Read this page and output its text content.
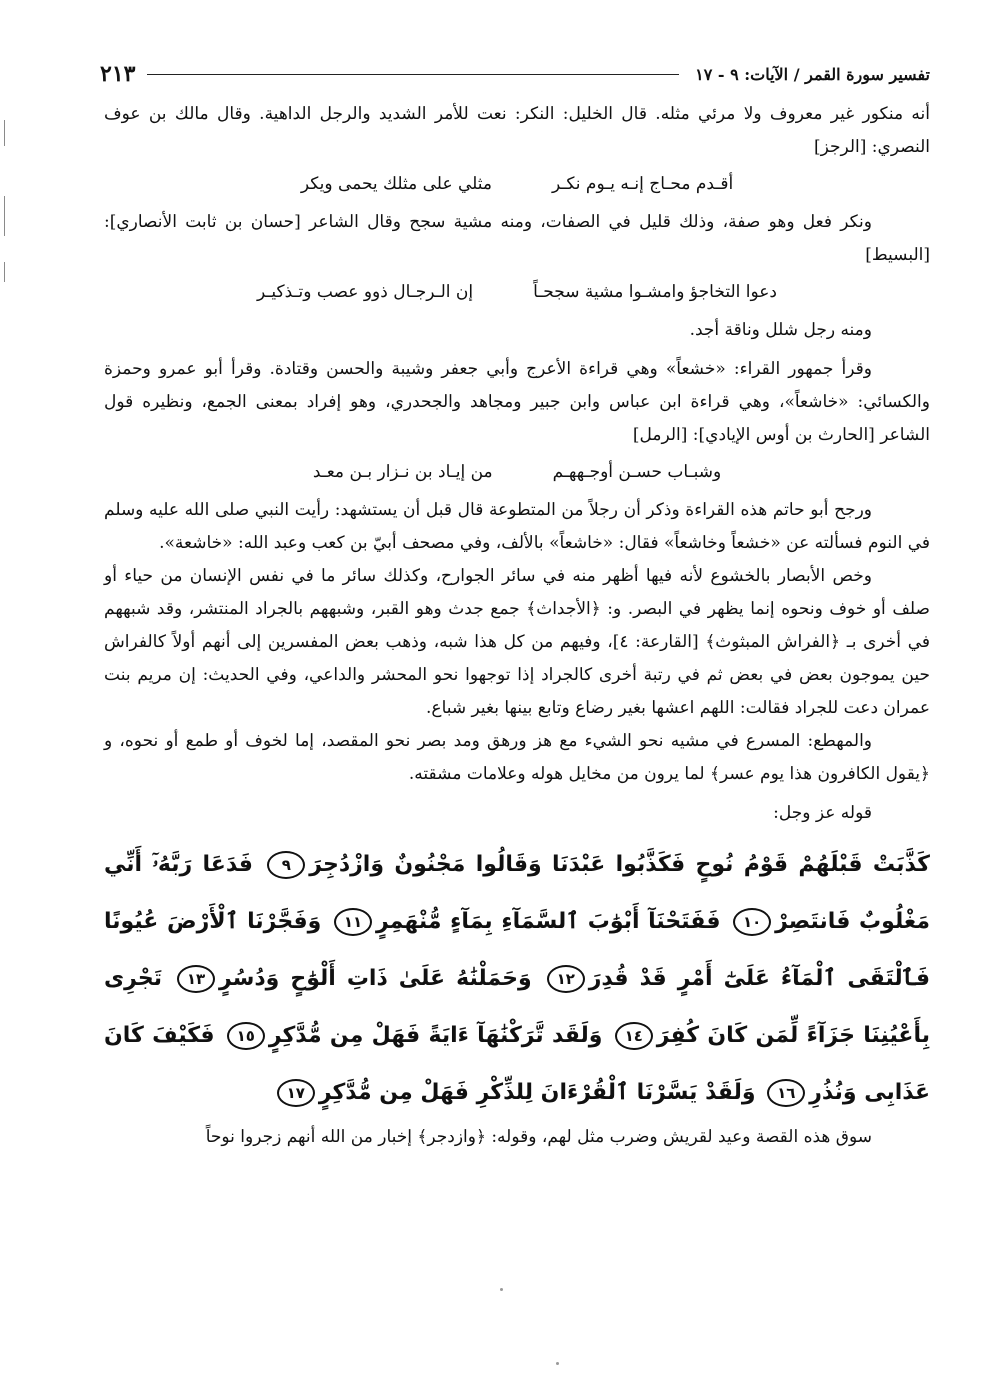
تفسير سورة القمر / الآيات: ٩ - ١٧
٢١٣

أنه منكور غير معروف ولا مرئي مثله. قال الخليل: النكر: نعت للأمر الشديد والرجل الداهية. وقال مالك بن عوف النصري: [الرجز]

أقـدم محـاج إنـه يـوم نكـر
مثلي على مثلك يحمى ويكر

ونكر فعل وهو صفة، وذلك قليل في الصفات، ومنه مشية سجح وقال الشاعر [حسان بن ثابت الأنصاري]: [البسيط]

دعوا التخاجؤ وامشـوا مشية سجحـاً
إن الـرجـال ذوو عصب وتـذكيـر

ومنه رجل شلل وناقة أجد.

وقرأ جمهور القراء: «خشعاً» وهي قراءة الأعرج وأبي جعفر وشيبة والحسن وقتادة. وقرأ أبو عمرو وحمزة والكسائي: «خاشعاً»، وهي قراءة ابن عباس وابن جبير ومجاهد والجحدري، وهو إفراد بمعنى الجمع، ونظيره قول الشاعر [الحارث بن أوس الإيادي]: [الرمل]

وشبـاب حسـن أوجـههـم
من إيـاد بن نـزار بـن معـد

ورجح أبو حاتم هذه القراءة وذكر أن رجلاً من المتطوعة قال قبل أن يستشهد: رأيت النبي صلى الله عليه وسلم في النوم فسألته عن «خشعاً وخاشعاً» فقال: «خاشعاً» بالألف، وفي مصحف أبيّ بن كعب وعبد الله: «خاشعة».

وخص الأبصار بالخشوع لأنه فيها أظهر منه في سائر الجوارح، وكذلك سائر ما في نفس الإنسان من حياء أو صلف أو خوف ونحوه إنما يظهر في البصر. و: ﴿الأجداث﴾ جمع جدث وهو القبر، وشبههم بالجراد المنتشر، وقد شبههم في أخرى بـ ﴿الفراش المبثوث﴾ [القارعة: ٤]، وفيهم من كل هذا شبه، وذهب بعض المفسرين إلى أنهم أولاً كالفراش حين يموجون بعض في بعض ثم في رتبة أخرى كالجراد إذا توجهوا نحو المحشر والداعي، وفي الحديث: إن مريم بنت عمران دعت للجراد فقالت: اللهم اعشها بغير رضاع وتابع بينها بغير شباع.

والمهطع: المسرع في مشيه نحو الشيء مع هز ورهق ومد بصر نحو المقصد، إما لخوف أو طمع أو نحوه، و ﴿يقول الكافرون هذا يوم عسر﴾ لما يرون من مخايل هوله وعلامات مشقته.

قوله عز وجل:

كَذَّبَتْ قَبْلَهُمْ قَوْمُ نُوحٍ فَكَذَّبُوا عَبْدَنَا وَقَالُوا مَجْنُونٌ وَازْدُجِرَ٩ فَدَعَا رَبَّهُۥٓ أَنِّي مَغْلُوبٌ فَانتَصِرْ١٠ فَفَتَحْنَآ أَبْوَٰبَ ٱلسَّمَآءِ بِمَآءٍ مُّنْهَمِرٍ١١ وَفَجَّرْنَا ٱلْأَرْضَ عُيُونًا فَٱلْتَقَى ٱلْمَآءُ عَلَىٰٓ أَمْرٍ قَدْ قُدِرَ١٢ وَحَمَلْنَٰهُ عَلَىٰ ذَاتِ أَلْوَٰحٍ وَدُسُرٍ١٣ تَجْرِى بِأَعْيُنِنَا جَزَآءً لِّمَن كَانَ كُفِرَ١٤ وَلَقَد تَّرَكْنَٰهَآ ءَايَةً فَهَلْ مِن مُّدَّكِرٍ١٥ فَكَيْفَ كَانَ عَذَابِى وَنُذُرِ١٦ وَلَقَدْ يَسَّرْنَا ٱلْقُرْءَانَ لِلذِّكْرِ فَهَلْ مِن مُّدَّكِرٍ١٧

سوق هذه القصة وعيد لقريش وضرب مثل لهم، وقوله: ﴿وازدجر﴾ إخبار من الله أنهم زجروا نوحاً
